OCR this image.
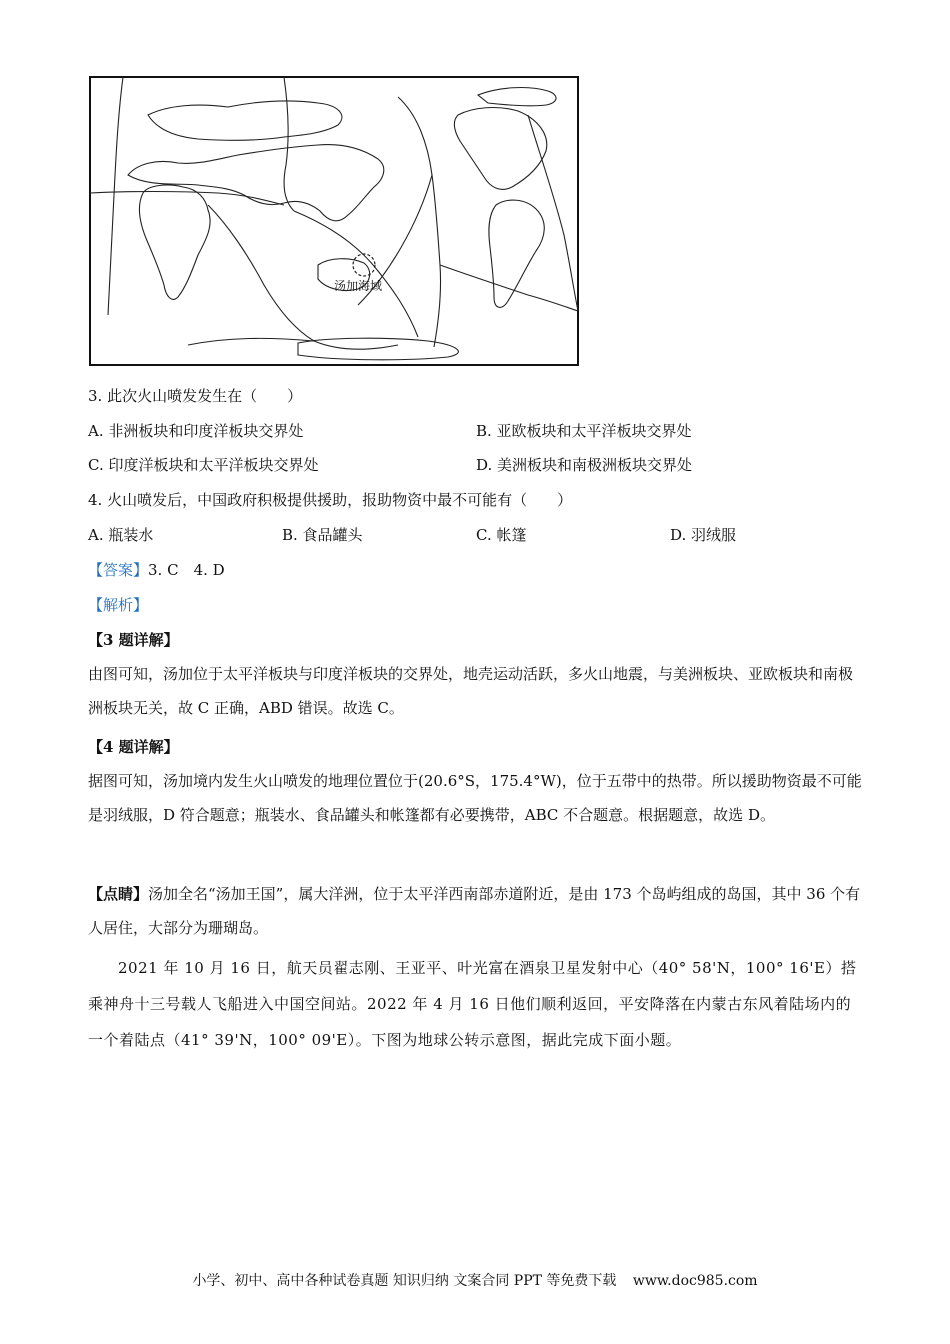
汤加海域
3. 此次火山喷发发生在（　　）
A. 非洲板块和印度洋板块交界处	B. 亚欧板块和太平洋板块交界处
C. 印度洋板块和太平洋板块交界处	D. 美洲板块和南极洲板块交界处
4. 火山喷发后，中国政府积极提供援助，报助物资中最不可能有（　　）
A. 瓶装水	B. 食品罐头	C. 帐篷	D. 羽绒服
【答案】3. C　4. D
【解析】
【3 题详解】
由图可知，汤加位于太平洋板块与印度洋板块的交界处，地壳运动活跃，多火山地震，与美洲板块、亚欧板块和南极洲板块无关，故 C 正确，ABD 错误。故选 C。
【4 题详解】
据图可知，汤加境内发生火山喷发的地理位置位于(20.6°S，175.4°W)，位于五带中的热带。所以援助物资最不可能是羽绒服，D 符合题意；瓶装水、食品罐头和帐篷都有必要携带，ABC 不合题意。根据题意，故选 D。
【点睛】汤加全名“汤加王国”，属大洋洲，位于太平洋西南部赤道附近，是由 173 个岛屿组成的岛国，其中 36 个有人居住，大部分为珊瑚岛。
2021 年 10 月 16 日，航天员翟志刚、王亚平、叶光富在酒泉卫星发射中心（40° 58'N，100° 16'E）搭乘神舟十三号载人飞船进入中国空间站。2022 年 4 月 16 日他们顺利返回，平安降落在内蒙古东风着陆场内的一个着陆点（41° 39'N，100° 09'E）。下图为地球公转示意图，据此完成下面小题。
小学、初中、高中各种试卷真题 知识归纳 文案合同 PPT 等免费下载 www.doc985.com
